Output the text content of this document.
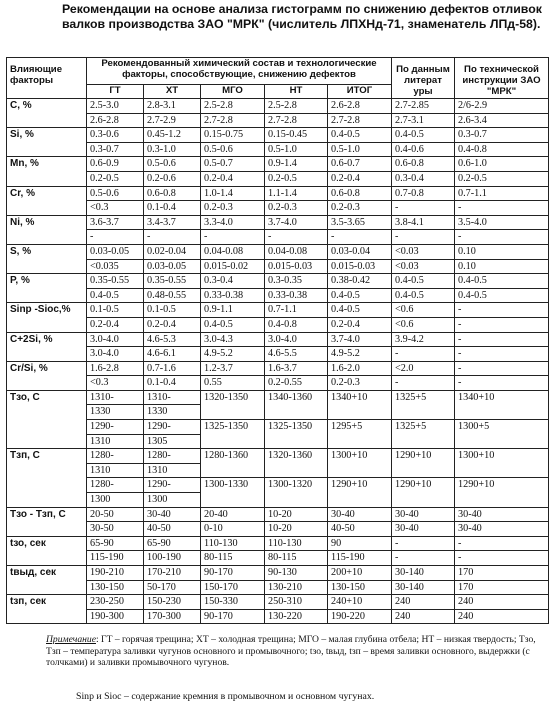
Рекомендации на основе анализа гистограмм по снижению дефектов отливок валков производства ЗАО "МРК" (числитель ЛПХНд-71, знаменатель ЛПд-58).

Влияющие факторы	Рекомендованный химический состав и технологические факторы, способствующие, снижению дефектов					По данным литерат уры	По технической инструкции ЗАО "МРК"
	ГТ	ХТ	МГО	НТ	ИТОГ		
C, %	2.5-3.0	2.8-3.1	2.5-2.8	2.5-2.8	2.6-2.8	2.7-2.85	2/6-2.9
	2.6-2.8	2.7-2.9	2.7-2.8	2.7-2.8	2.7-2.8	2.7-3.1	2.6-3.4
Si, %	0.3-0.6	0.45-1.2	0.15-0.75	0.15-0.45	0.4-0.5	0.4-0.5	0.3-0.7
	0.3-0.7	0.3-1.0	0.5-0.6	0.5-1.0	0.5-1.0	0.4-0.6	0.4-0.8
Mn, %	0.6-0.9	0.5-0.6	0.5-0.7	0.9-1.4	0.6-0.7	0.6-0.8	0.6-1.0
	0.2-0.5	0.2-0.6	0.2-0.4	0.2-0.5	0.2-0.4	0.3-0.4	0.2-0.5
Cr, %	0.5-0.6	0.6-0.8	1.0-1.4	1.1-1.4	0.6-0.8	0.7-0.8	0.7-1.1
	<0.3	0.1-0.4	0.2-0.3	0.2-0.3	0.2-0.3	-	-
Ni, %	3.6-3.7	3.4-3.7	3.3-4.0	3.7-4.0	3.5-3.65	3.8-4.1	3.5-4.0
	-	-	-	-	-	-	-
S, %	0.03-0.05	0.02-0.04	0.04-0.08	0.04-0.08	0.03-0.04	<0.03	0.10
	<0.035	0.03-0.05	0.015-0.02	0.015-0.03	0.015-0.03	<0.03	0.10
P, %	0.35-0.55	0.35-0.55	0.3-0.4	0.3-0.35	0.38-0.42	0.4-0.5	0.4-0.5
	0.4-0.5	0.48-0.55	0.33-0.38	0.33-0.38	0.4-0.5	0.4-0.5	0.4-0.5
Sinp -Sioc,%	0.1-0.5	0.1-0.5	0.9-1.1	0.7-1.1	0.4-0.5	<0.6	-
	0.2-0.4	0.2-0.4	0.4-0.5	0.4-0.8	0.2-0.4	<0.6	-
C+2Si, %	3.0-4.0	4.6-5.3	3.0-4.3	3.0-4.0	3.7-4.0	3.9-4.2	-
	3.0-4.0	4.6-6.1	4.9-5.2	4.6-5.5	4.9-5.2	-	-
Cr/Si, %	1.6-2.8	0.7-1.6	1.2-3.7	1.6-3.7	1.6-2.0	<2.0	-
	<0.3	0.1-0.4	0.55	0.2-0.55	0.2-0.3	-	-
Tзо, С	1310-	1310-	1320-1350	1340-1360	1340+10	1325+5	1340+10
	1330	1330					
	1290-	1290-	1325-1350	1325-1350	1295+5	1325+5	1300+5
	1310	1305					
Tзп, С	1280-	1280-	1280-1360	1320-1360	1300+10	1290+10	1300+10
	1310	1310					
	1280-	1290-	1300-1330	1300-1320	1290+10	1290+10	1290+10
	1300	1300					
Tзо - Tзп, С	20-50	30-40	20-40	10-20	30-40	30-40	30-40
	30-50	40-50	0-10	10-20	40-50	30-40	30-40
tзо, сек	65-90	65-90	110-130	110-130	90	-	-
	115-190	100-190	80-115	80-115	115-190	-	-
tвыд, сек	190-210	170-210	90-170	90-130	200+10	30-140	170
	130-150	50-170	150-170	130-210	130-150	30-140	170
tзп, сек	230-250	150-230	150-330	250-310	240+10	240	240
	190-300	170-300	90-170	130-220	190-220	240	240

Примечание: ГТ – горячая трещина; ХТ – холодная трещина; МГО – малая глубина отбела; НТ – низкая твердость; Tзо, Tзп – температура заливки чугунов основного и промывочного; tзо, tвыд, tзп – время заливки основного, выдержки (с толчками) и заливки промывочного чугунов.

Sinp и Sioc – содержание кремния в промывочном и основном чугунах.
